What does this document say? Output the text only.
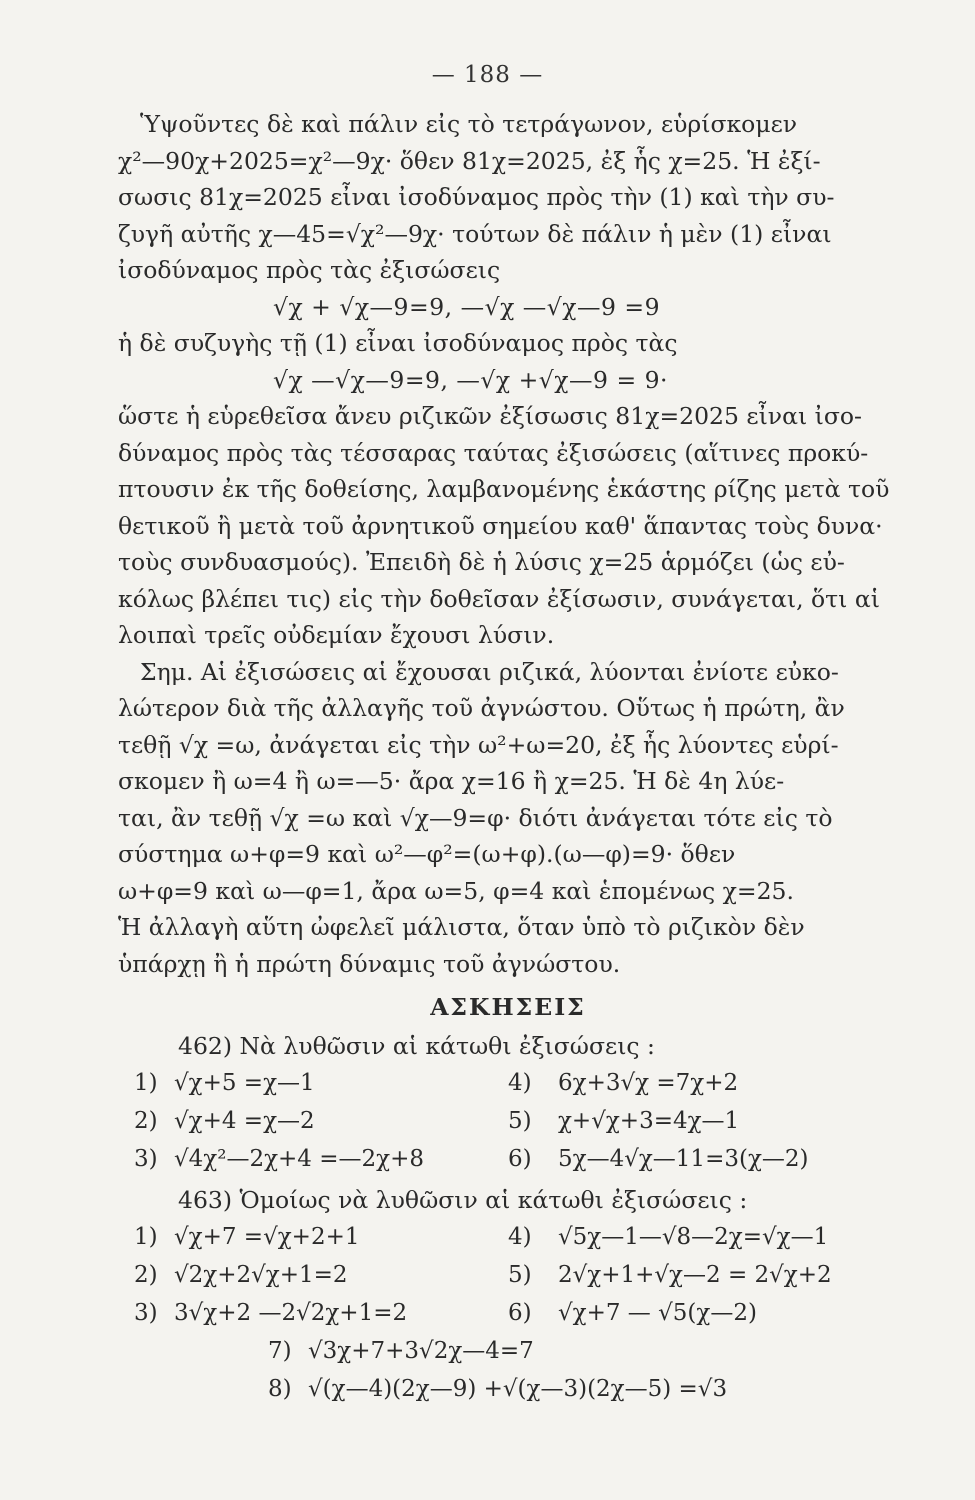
— 188 —
Ὑψοῦντες δὲ καὶ πάλιν εἰς τὸ τετράγωνον, εὑρίσκομεν
χ²—90χ+2025=χ²—9χ· ὅθεν 81χ=2025, ἐξ ἧς χ=25. Ἡ ἐξί-
σωσις 81χ=2025 εἶναι ἰσοδύναμος πρὸς τὴν (1) καὶ τὴν συ-
ζυγῆ αὐτῆς χ—45=√χ²—9χ· τούτων δὲ πάλιν ἡ μὲν (1) εἶναι
ἰσοδύναμος πρὸς τὰς ἐξισώσεις
√χ + √χ—9=9, —√χ —√χ—9 =9
ἡ δὲ συζυγὴς τῇ (1) εἶναι ἰσοδύναμος πρὸς τὰς
√χ —√χ—9=9, —√χ +√χ—9 = 9·
ὥστε ἡ εὑρεθεῖσα ἄνευ ριζικῶν ἐξίσωσις 81χ=2025 εἶναι ἰσο-
δύναμος πρὸς τὰς τέσσαρας ταύτας ἐξισώσεις (αἵτινες προκύ-
πτουσιν ἐκ τῆς δοθείσης, λαμβανομένης ἑκάστης ρίζης μετὰ τοῦ
θετικοῦ ἢ μετὰ τοῦ ἀρνητικοῦ σημείου καθ' ἅπαντας τοὺς δυνα·
τοὺς συνδυασμούς). Ἐπειδὴ δὲ ἡ λύσις χ=25 ἁρμόζει (ὡς εὐ-
κόλως βλέπει τις) εἰς τὴν δοθεῖσαν ἐξίσωσιν, συνάγεται, ὅτι αἱ
λοιπαὶ τρεῖς οὐδεμίαν ἔχουσι λύσιν.
Σημ. Αἱ ἐξισώσεις αἱ ἔχουσαι ριζικά, λύονται ἐνίοτε εὐκο-
λώτερον διὰ τῆς ἀλλαγῆς τοῦ ἀγνώστου. Οὕτως ἡ πρώτη, ἂν
τεθῇ √χ =ω, ἀνάγεται εἰς τὴν ω²+ω=20, ἐξ ἧς λύοντες εὑρί-
σκομεν ἢ ω=4 ἢ ω=—5· ἄρα χ=16 ἢ χ=25. Ἡ δὲ 4η λύε-
ται, ἂν τεθῇ √χ =ω καὶ √χ—9=φ· διότι ἀνάγεται τότε εἰς τὸ
σύστημα ω+φ=9 καὶ ω²—φ²=(ω+φ).(ω—φ)=9· ὅθεν
ω+φ=9 καὶ ω—φ=1, ἄρα ω=5, φ=4 καὶ ἑπομένως χ=25.
Ἡ ἀλλαγὴ αὕτη ὠφελεῖ μάλιστα, ὅταν ὑπὸ τὸ ριζικὸν δὲν
ὑπάρχῃ ἢ ἡ πρώτη δύναμις τοῦ ἀγνώστου.
ΑΣΚΗΣΕΙΣ
462) Νὰ λυθῶσιν αἱ κάτωθι ἐξισώσεις :
1) √χ+5 =χ—1	4) 6χ+3√χ =7χ+2
2) √χ+4 =χ—2	5) χ+√χ+3=4χ—1
3) √4χ²—2χ+4 =—2χ+8	6) 5χ—4√χ—11=3(χ—2)
463) Ὁμοίως νὰ λυθῶσιν αἱ κάτωθι ἐξισώσεις :
1) √χ+7 =√χ+2+1	4) √5χ—1—√8—2χ=√χ—1
2) √2χ+2√χ+1=2	5) 2√χ+1+√χ—2 = 2√χ+2
3) 3√χ+2 —2√2χ+1=2	6) √χ+7 — √5(χ—2)
7) √3χ+7+3√2χ—4=7
8) √(χ—4)(2χ—9) +√(χ—3)(2χ—5) =√3
